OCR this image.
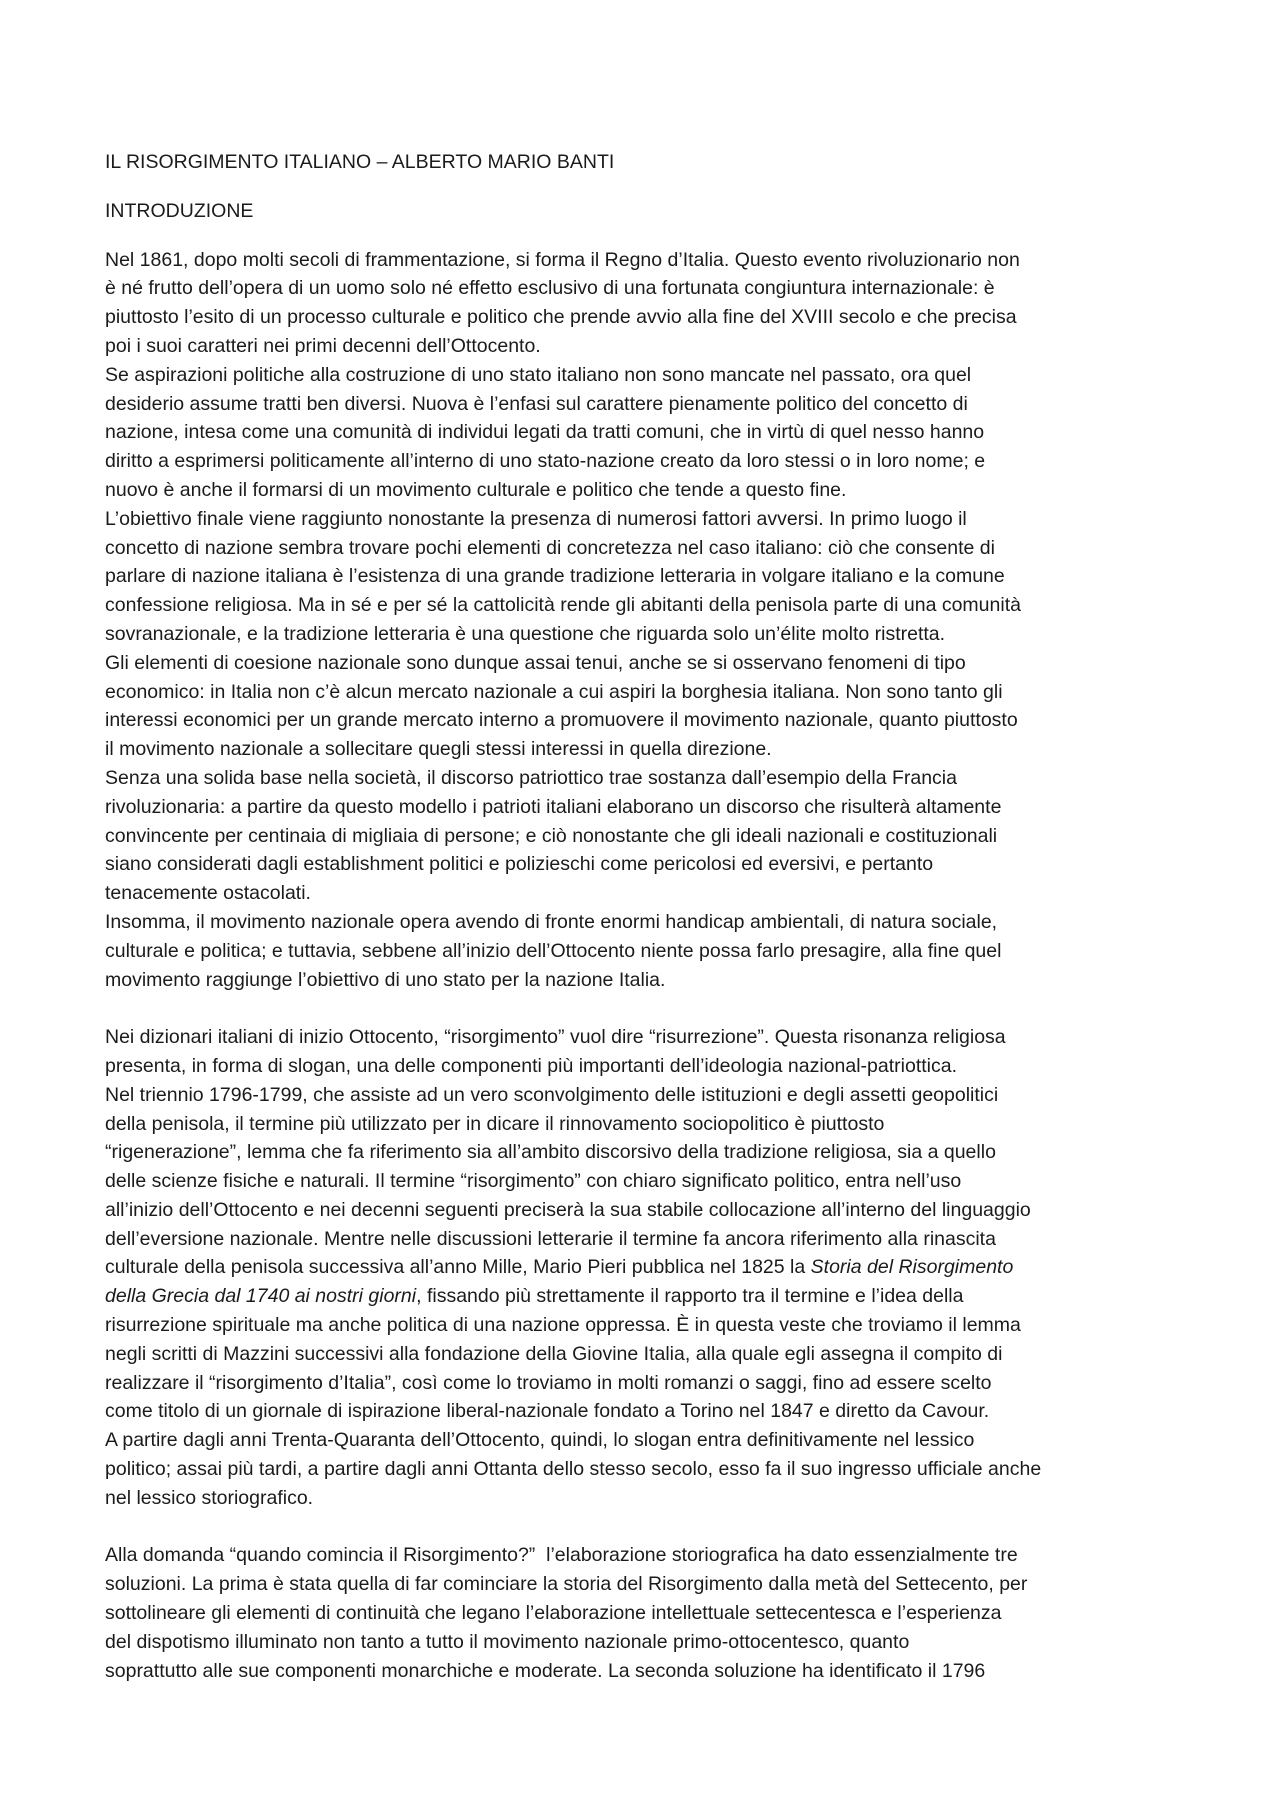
IL RISORGIMENTO ITALIANO – ALBERTO MARIO BANTI
INTRODUZIONE
Nel 1861, dopo molti secoli di frammentazione, si forma il Regno d’Italia. Questo evento rivoluzionario non
è né frutto dell’opera di un uomo solo né effetto esclusivo di una fortunata congiuntura internazionale: è
piuttosto l’esito di un processo culturale e politico che prende avvio alla fine del XVIII secolo e che precisa
poi i suoi caratteri nei primi decenni dell’Ottocento.
Se aspirazioni politiche alla costruzione di uno stato italiano non sono mancate nel passato, ora quel
desiderio assume tratti ben diversi. Nuova è l’enfasi sul carattere pienamente politico del concetto di
nazione, intesa come una comunità di individui legati da tratti comuni, che in virtù di quel nesso hanno
diritto a esprimersi politicamente all’interno di uno stato-nazione creato da loro stessi o in loro nome; e
nuovo è anche il formarsi di un movimento culturale e politico che tende a questo fine.
L’obiettivo finale viene raggiunto nonostante la presenza di numerosi fattori avversi. In primo luogo il
concetto di nazione sembra trovare pochi elementi di concretezza nel caso italiano: ciò che consente di
parlare di nazione italiana è l’esistenza di una grande tradizione letteraria in volgare italiano e la comune
confessione religiosa. Ma in sé e per sé la cattolicità rende gli abitanti della penisola parte di una comunità
sovranazionale, e la tradizione letteraria è una questione che riguarda solo un’élite molto ristretta.
Gli elementi di coesione nazionale sono dunque assai tenui, anche se si osservano fenomeni di tipo
economico: in Italia non c’è alcun mercato nazionale a cui aspiri la borghesia italiana. Non sono tanto gli
interessi economici per un grande mercato interno a promuovere il movimento nazionale, quanto piuttosto
il movimento nazionale a sollecitare quegli stessi interessi in quella direzione.
Senza una solida base nella società, il discorso patriottico trae sostanza dall’esempio della Francia
rivoluzionaria: a partire da questo modello i patrioti italiani elaborano un discorso che risulterà altamente
convincente per centinaia di migliaia di persone; e ciò nonostante che gli ideali nazionali e costituzionali
siano considerati dagli establishment politici e polizieschi come pericolosi ed eversivi, e pertanto
tenacemente ostacolati.
Insomma, il movimento nazionale opera avendo di fronte enormi handicap ambientali, di natura sociale,
culturale e politica; e tuttavia, sebbene all’inizio dell’Ottocento niente possa farlo presagire, alla fine quel
movimento raggiunge l’obiettivo di uno stato per la nazione Italia.
Nei dizionari italiani di inizio Ottocento, “risorgimento” vuol dire “risurrezione”. Questa risonanza religiosa
presenta, in forma di slogan, una delle componenti più importanti dell’ideologia nazional-patriottica.
Nel triennio 1796-1799, che assiste ad un vero sconvolgimento delle istituzioni e degli assetti geopolitici
della penisola, il termine più utilizzato per in dicare il rinnovamento sociopolitico è piuttosto
“rigenerazione”, lemma che fa riferimento sia all’ambito discorsivo della tradizione religiosa, sia a quello
delle scienze fisiche e naturali. Il termine “risorgimento” con chiaro significato politico, entra nell’uso
all’inizio dell’Ottocento e nei decenni seguenti preciserà la sua stabile collocazione all’interno del linguaggio
dell’eversione nazionale. Mentre nelle discussioni letterarie il termine fa ancora riferimento alla rinascita
culturale della penisola successiva all’anno Mille, Mario Pieri pubblica nel 1825 la Storia del Risorgimento
della Grecia dal 1740 ai nostri giorni, fissando più strettamente il rapporto tra il termine e l’idea della
risurrezione spirituale ma anche politica di una nazione oppressa. È in questa veste che troviamo il lemma
negli scritti di Mazzini successivi alla fondazione della Giovine Italia, alla quale egli assegna il compito di
realizzare il “risorgimento d’Italia”, così come lo troviamo in molti romanzi o saggi, fino ad essere scelto
come titolo di un giornale di ispirazione liberal-nazionale fondato a Torino nel 1847 e diretto da Cavour.
A partire dagli anni Trenta-Quaranta dell’Ottocento, quindi, lo slogan entra definitivamente nel lessico
politico; assai più tardi, a partire dagli anni Ottanta dello stesso secolo, esso fa il suo ingresso ufficiale anche
nel lessico storiografico.
Alla domanda “quando comincia il Risorgimento?”  l’elaborazione storiografica ha dato essenzialmente tre
soluzioni. La prima è stata quella di far cominciare la storia del Risorgimento dalla metà del Settecento, per
sottolineare gli elementi di continuità che legano l’elaborazione intellettuale settecentesca e l’esperienza
del dispotismo illuminato non tanto a tutto il movimento nazionale primo-ottocentesco, quanto
soprattutto alle sue componenti monarchiche e moderate. La seconda soluzione ha identificato il 1796
